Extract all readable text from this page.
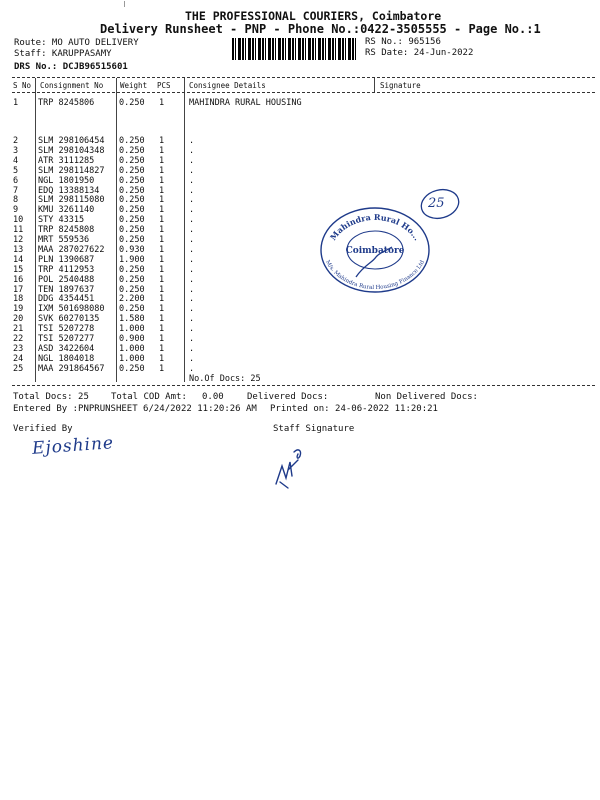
THE PROFESSIONAL COURIERS, Coimbatore
Delivery Runsheet - PNP - Phone No.:0422-3505555 - Page No.:1
Route: MO AUTO DELIVERY
Staff: KARUPPASAMY
DRS No.: DCJB96515601
RS No.: 965156
RS Date: 24-Jun-2022
S No Consignment No Weight PCS Consignee Details	Signature
1 TRP 8245806	0.250 1	MAHINDRA RURAL HOUSING
2 SLM 298106454 0.250 1	.
3 SLM 298104348 0.250 1	.
4 ATR 3111285	0.250 1	.
5 SLM 298114827 0.250 1	.
6 NGL 1801950	0.250 1	.
7 EDQ 13388134 0.250 1	.
8 SLM 298115080 0.250 1	.
9 KMU 3261140	0.250 1	.
10 STY 43315	0.250 1	.
11 TRP 8245808	0.250 1	.
12 MRT 559536	0.250 1	.
13 MAA 287027622 0.930 1	.
14 PLN 1390687	1.900 1	.
15 TRP 4112953	0.250 1	.
16 POL 2540488	0.250 1	.
17 TEN 1897637	0.250 1	.
18 DDG 4354451	2.200 1	.
19 IXM 501698080 0.250 1	.
20 SVK 60270135 1.580 1	.
21 TSI 5207278	1.000 1	.
22 TSI 5207277	0.900 1	.
23 ASD 3422604	1.000 1	.
24 NGL 1804018	1.000 1	.
25 MAA 291864567 0.250 1	.
No.Of Docs: 25
Total Docs: 25 Total COD Amt: 0.00	Delivered Docs:	Non Delivered Docs:
Entered By :PNPRUNSHEET 6/24/2022 11:20:26 AM Printed on: 24-06-2022 11:20:21
Verified By	Staff Signature
Ejoshine
25
Mahindra Rural Ho...
M/s. Mahindra Rural Housing Finance Ltd
Coimbatore
